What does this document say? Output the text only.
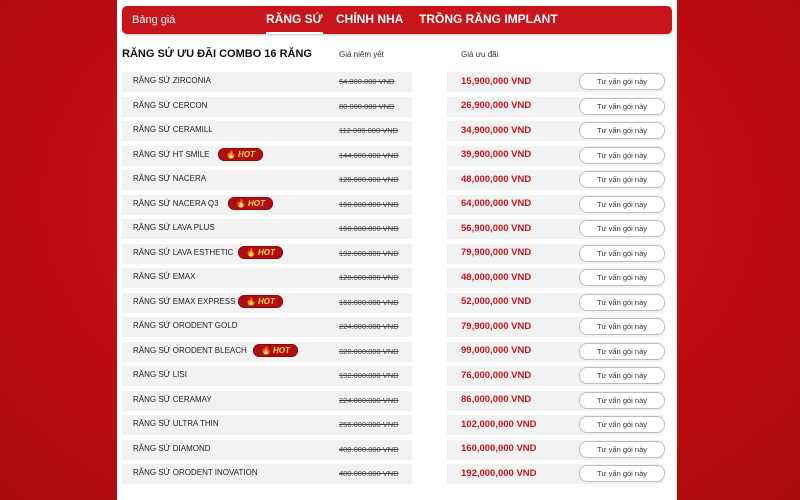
Bảng giá	RĂNG SỨ CHỈNH NHA TRỒNG RĂNG IMPLANT
RĂNG SỨ ƯU ĐÃI COMBO 16 RĂNG	Giá niêm yết	Giá ưu đãi
RĂNG SỨ ZIRCONIA	64.000.000 VND	15,900,000 VND	Tư vấn gói này
RĂNG SỨ CERCON	80.000.000 VND	26,900,000 VND	Tư vấn gói này
RĂNG SỨ CERAMILL	112.000.000 VND	34,900,000 VND	Tư vấn gói này
RĂNG SỨ HT SMILE	144.000.000 VND	39,900,000 VND	Tư vấn gói này
🔥 HOT
RĂNG SỨ NACERA	128.000.000 VND	48,000,000 VND	Tư vấn gói này
RĂNG SỨ NACERA Q3	160.000.000 VND	64,000,000 VND	Tư vấn gói này
🔥 HOT
RĂNG SỨ LAVA PLUS	160.000.000 VND	56,900,000 VND	Tư vấn gói này
RĂNG SỨ LAVA ESTHETIC	192.000.000 VND	79,900,000 VND	Tư vấn gói này
🔥 HOT
RĂNG SỨ EMAX	128.000.000 VND	48,000,000 VND	Tư vấn gói này
RĂNG SỨ EMAX EXPRESS	160.000.000 VND	52,000,000 VND	Tư vấn gói này
🔥 HOT
RĂNG SỨ ORODENT GOLD	224.000.000 VND	79,900,000 VND	Tư vấn gói này
RĂNG SỨ ORODENT BLEACH	320.000.000 VND	99,000,000 VND	Tư vấn gói này
🔥 HOT
RĂNG SỨ LISI	192.000.000 VND	76,000,000 VND	Tư vấn gói này
RĂNG SỨ CERAMAY	224.000.000 VND	86,000,000 VND	Tư vấn gói này
RĂNG SỨ ULTRA THIN	256.000.000 VND	102,000,000 VND	Tư vấn gói này
RĂNG SỨ DIAMOND	400.000.000 VND	160,000,000 VND	Tư vấn gói này
RĂNG SỨ ORODENT INOVATION	480.000.000 VND	192,000,000 VND	Tư vấn gói này
